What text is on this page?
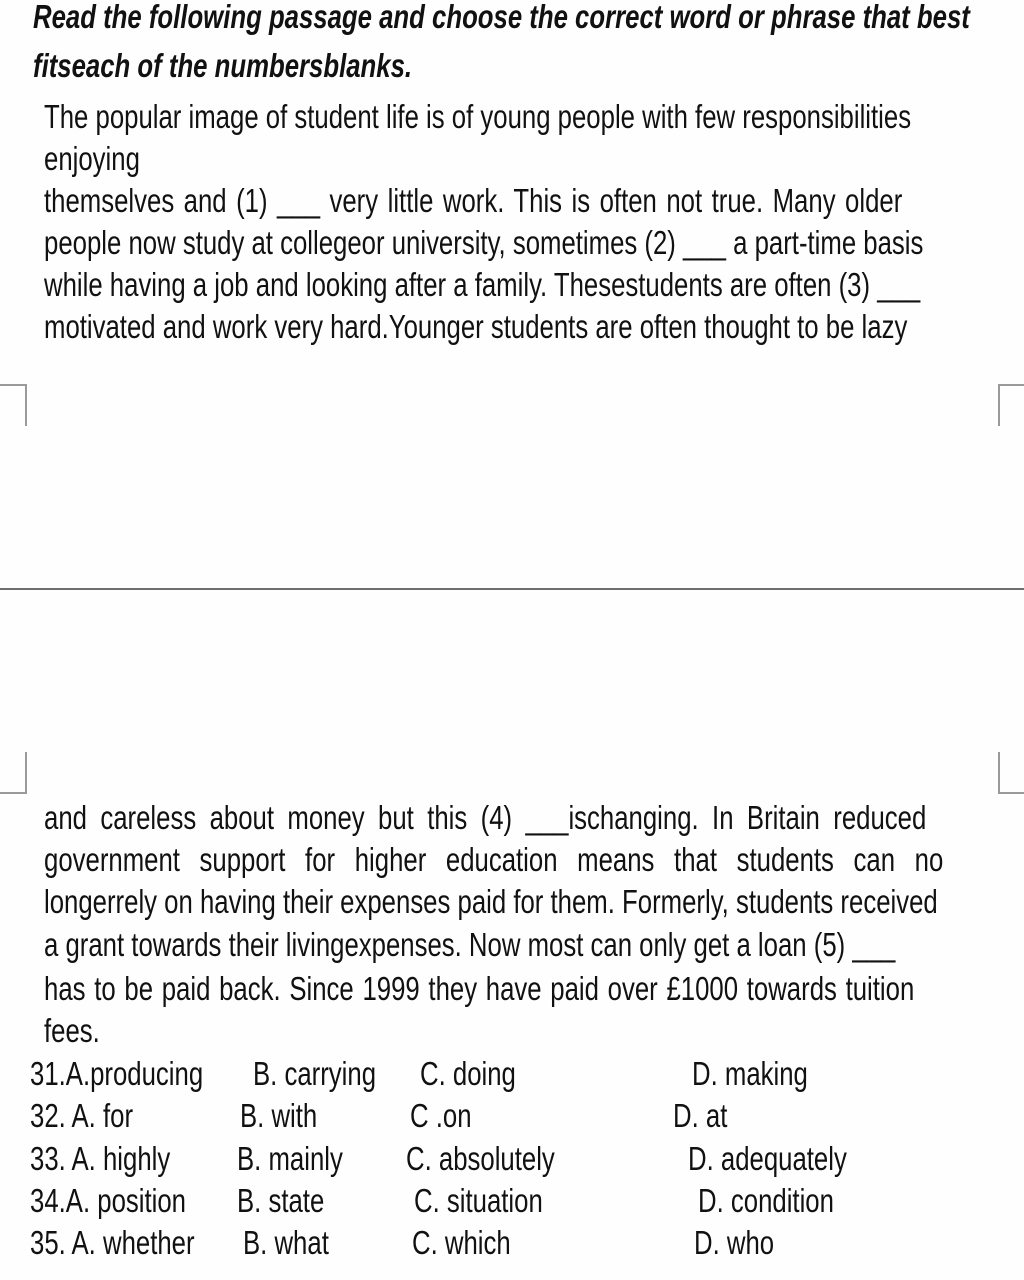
Read the following passage and choose the correct word or phrase that best
fitseach of the numbersblanks.
The popular image of student life is of young people with few responsibilities
enjoying
themselves and (1) ___ very little work. This is often not true. Many older
people now study at collegeor university, sometimes (2) ___ a part-time basis
while having a job and looking after a family. Thesestudents are often (3) ___
motivated and work very hard.Younger students are often thought to be lazy
and careless about money but this (4) ___ischanging. In Britain reduced
government support for higher education means that students can no
longerrely on having their expenses paid for them. Formerly, students received
a grant towards their livingexpenses. Now most can only get a loan (5) ___
has to be paid back. Since 1999 they have paid over £1000 towards tuition
fees.
31.A.producing B. carrying C. doing	D. making
32. A. for	B. with	C .on	D. at
33. A. highly B. mainly C. absolutely	D. adequately
34.A. position B. state	C. situation	D. condition
35. A. whether B. what	C. which	D. who
